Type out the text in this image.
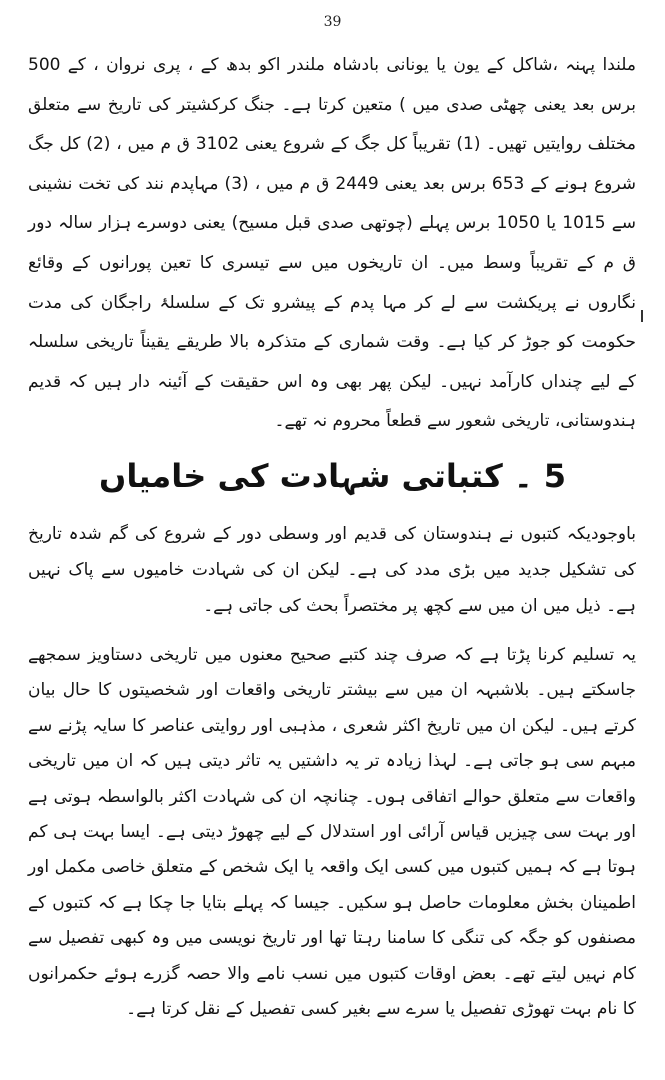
39

ملندا پہنہ ،شاکل کے یون یا یونانی بادشاہ ملندر اکو بدھ کے ، پری نروان ، کے 500 برس بعد یعنی چھٹی صدی میں ) متعین کرتا ہے۔ جنگ کرکشیتر کی تاریخ سے متعلق مختلف روایتیں تھیں۔ (1) تقریباً کل جگ کے شروع یعنی 3102 ق م میں ، (2) کل جگ شروع ہونے کے 653 برس بعد یعنی 2449 ق م میں ، (3) مہاپدم نند کی تخت نشینی سے 1015 یا 1050 برس پہلے (چوتھی صدی قبل مسیح) یعنی دوسرے ہزار سالہ دور ق م کے تقریباً وسط میں۔ ان تاریخوں میں سے تیسری کا تعین پورانوں کے وقائع نگاروں نے پریکشت سے لے کر مہا پدم کے پیشرو تک کے سلسلۂ راجگان کی مدت حکومت کو جوڑ کر کیا ہے۔ وقت شماری کے متذکرہ بالا طریقے یقیناً تاریخی سلسلہ کے لیے چنداں کارآمد نہیں۔ لیکن پھر بھی وہ اس حقیقت کے آئینہ دار ہیں کہ قدیم ہندوستانی، تاریخی شعور سے قطعاً محروم نہ تھے۔

5 ۔ کتباتی شہادت کی خامیاں

باوجودیکہ کتبوں نے ہندوستان کی قدیم اور وسطی دور کے شروع کی گم شدہ تاریخ کی تشکیل جدید میں بڑی مدد کی ہے۔ لیکن ان کی شہادت خامیوں سے پاک نہیں ہے۔ ذیل میں ان میں سے کچھ پر مختصراً بحث کی جاتی ہے۔

یہ تسلیم کرنا پڑتا ہے کہ صرف چند کتبے صحیح معنوں میں تاریخی دستاویز سمجھے جاسکتے ہیں۔ بلاشبہہ ان میں سے بیشتر تاریخی واقعات اور شخصیتوں کا حال بیان کرتے ہیں۔ لیکن ان میں تاریخ اکثر شعری ، مذہبی اور روایتی عناصر کا سایہ پڑنے سے مبہم سی ہو جاتی ہے۔ لہذا زیادہ تر یہ داشتیں یہ تاثر دیتی ہیں کہ ان میں تاریخی واقعات سے متعلق حوالے اتفاقی ہوں۔ چنانچہ ان کی شہادت اکثر بالواسطہ ہوتی ہے اور بہت سی چیزیں قیاس آرائی اور استدلال کے لیے چھوڑ دیتی ہے۔ ایسا بہت ہی کم ہوتا ہے کہ ہمیں کتبوں میں کسی ایک واقعہ یا ایک شخص کے متعلق خاصی مکمل اور اطمینان بخش معلومات حاصل ہو سکیں۔ جیسا کہ پہلے بتایا جا چکا ہے کہ کتبوں کے مصنفوں کو جگہ کی تنگی کا سامنا رہتا تھا اور تاریخ نویسی میں وہ کبھی تفصیل سے کام نہیں لیتے تھے۔ بعض اوقات کتبوں میں نسب نامے والا حصہ گزرے ہوئے حکمرانوں کا نام بہت تھوڑی تفصیل یا سرے سے بغیر کسی تفصیل کے نقل کرتا ہے۔
